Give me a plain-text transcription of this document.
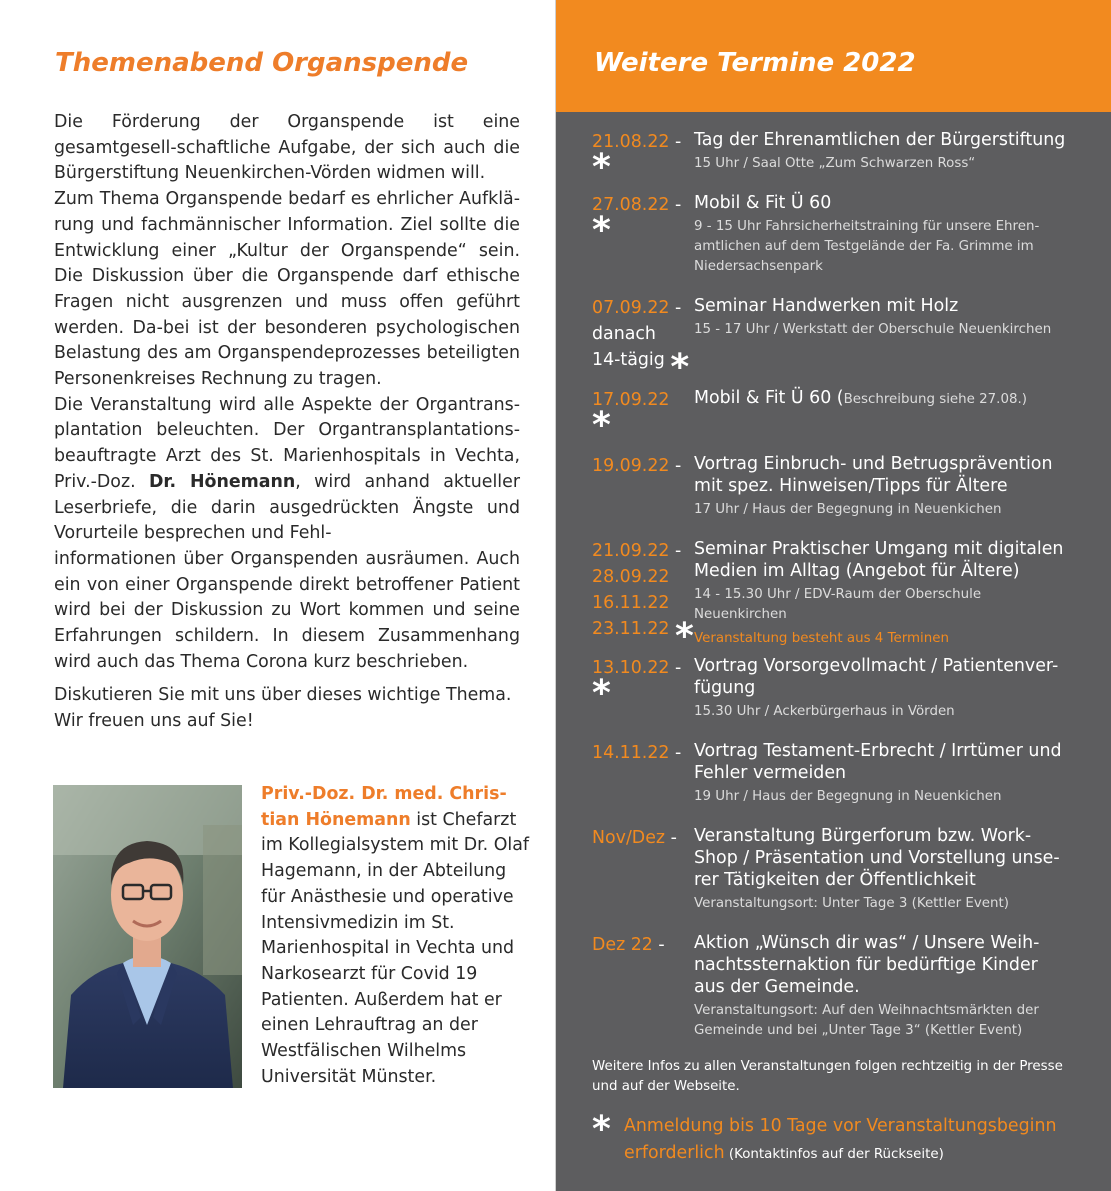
Themenabend Organspende

Die Förderung der Organspende ist eine gesamtgesell-schaftliche Aufgabe, der sich auch die Bürgerstiftung Neuenkirchen-Vörden widmen will.

Zum Thema Organspende bedarf es ehrlicher Aufklä-rung und fachmännischer Information. Ziel sollte die Entwicklung einer „Kultur der Organspende“ sein. Die Diskussion über die Organspende darf ethische Fragen nicht ausgrenzen und muss offen geführt werden. Da-bei ist der besonderen psychologischen Belastung des am Organspendeprozesses beteiligten Personenkreises Rechnung zu tragen.

Die Veranstaltung wird alle Aspekte der Organtrans-plantation beleuchten. Der Organtransplantations-beauftragte Arzt des St. Marienhospitals in Vechta, Priv.-Doz. Dr. Hönemann, wird anhand aktueller Leserbriefe, die darin ausgedrückten Ängste und Vorurteile besprechen und Fehl-

informationen über Organspenden ausräumen. Auch ein von einer Organspende direkt betroffener Patient wird bei der Diskussion zu Wort kommen und seine Erfahrungen schildern. In diesem Zusammenhang wird auch das Thema Corona kurz beschrieben.

Diskutieren Sie mit uns über dieses wichtige Thema. Wir freuen uns auf Sie!

Priv.-Doz. Dr. med. Chris-tian Hönemann ist Chefarzt im Kollegialsystem mit Dr. Olaf Hagemann, in der Abteilung für Anästhesie und operative Intensivmedizin im St. Marienhospital in Vechta und Narkosearzt für Covid 19 Patienten. Außerdem hat er einen Lehrauftrag an der Westfälischen Wilhelms Universität Münster.
Weitere Termine 2022
21.08.22 -
*
Tag der Ehrenamtlichen der Bürgerstiftung
15 Uhr / Saal Otte „Zum Schwarzen Ross“
27.08.22 -
*
Mobil & Fit Ü 60
9 - 15 Uhr Fahrsicherheitstraining für unsere Ehren-amtlichen auf dem Testgelände der Fa. Grimme im Niedersachsenpark
07.09.22 -
danach
14-tägig *
Seminar Handwerken mit Holz
15 - 17 Uhr / Werkstatt der Oberschule Neuenkirchen
17.09.22
*
Mobil & Fit Ü 60 (Beschreibung siehe 27.08.)
19.09.22 - Vortrag Einbruch- und Betrugsprävention mit spez. Hinweisen/Tipps für Ältere
17 Uhr / Haus der Begegnung in Neuenkichen
21.09.22 -
28.09.22
16.11.22
23.11.22 *
Seminar Praktischer Umgang mit digitalen Medien im Alltag (Angebot für Ältere)
14 - 15.30 Uhr / EDV-Raum der Oberschule Neuenkirchen
Veranstaltung besteht aus 4 Terminen
13.10.22 -
*
Vortrag Vorsorgevollmacht / Patientenver-fügung
15.30 Uhr / Ackerbürgerhaus in Vörden
14.11.22 - Vortrag Testament-Erbrecht / Irrtümer und Fehler vermeiden
19 Uhr / Haus der Begegnung in Neuenkichen
Nov/Dez - Veranstaltung Bürgerforum bzw. Work-Shop / Präsentation und Vorstellung unse-rer Tätigkeiten der Öffentlichkeit
Veranstaltungsort: Unter Tage 3 (Kettler Event)
Dez 22 -	Aktion „Wünsch dir was“ / Unsere Weih-nachtssternaktion für bedürftige Kinder aus der Gemeinde.
Veranstaltungsort: Auf den Weihnachtsmärkten der Gemeinde und bei „Unter Tage 3“ (Kettler Event)
Weitere Infos zu allen Veranstaltungen folgen rechtzeitig in der Presse und auf der Webseite.
* Anmeldung bis 10 Tage vor Veranstaltungsbeginn erforderlich (Kontaktinfos auf der Rückseite)
